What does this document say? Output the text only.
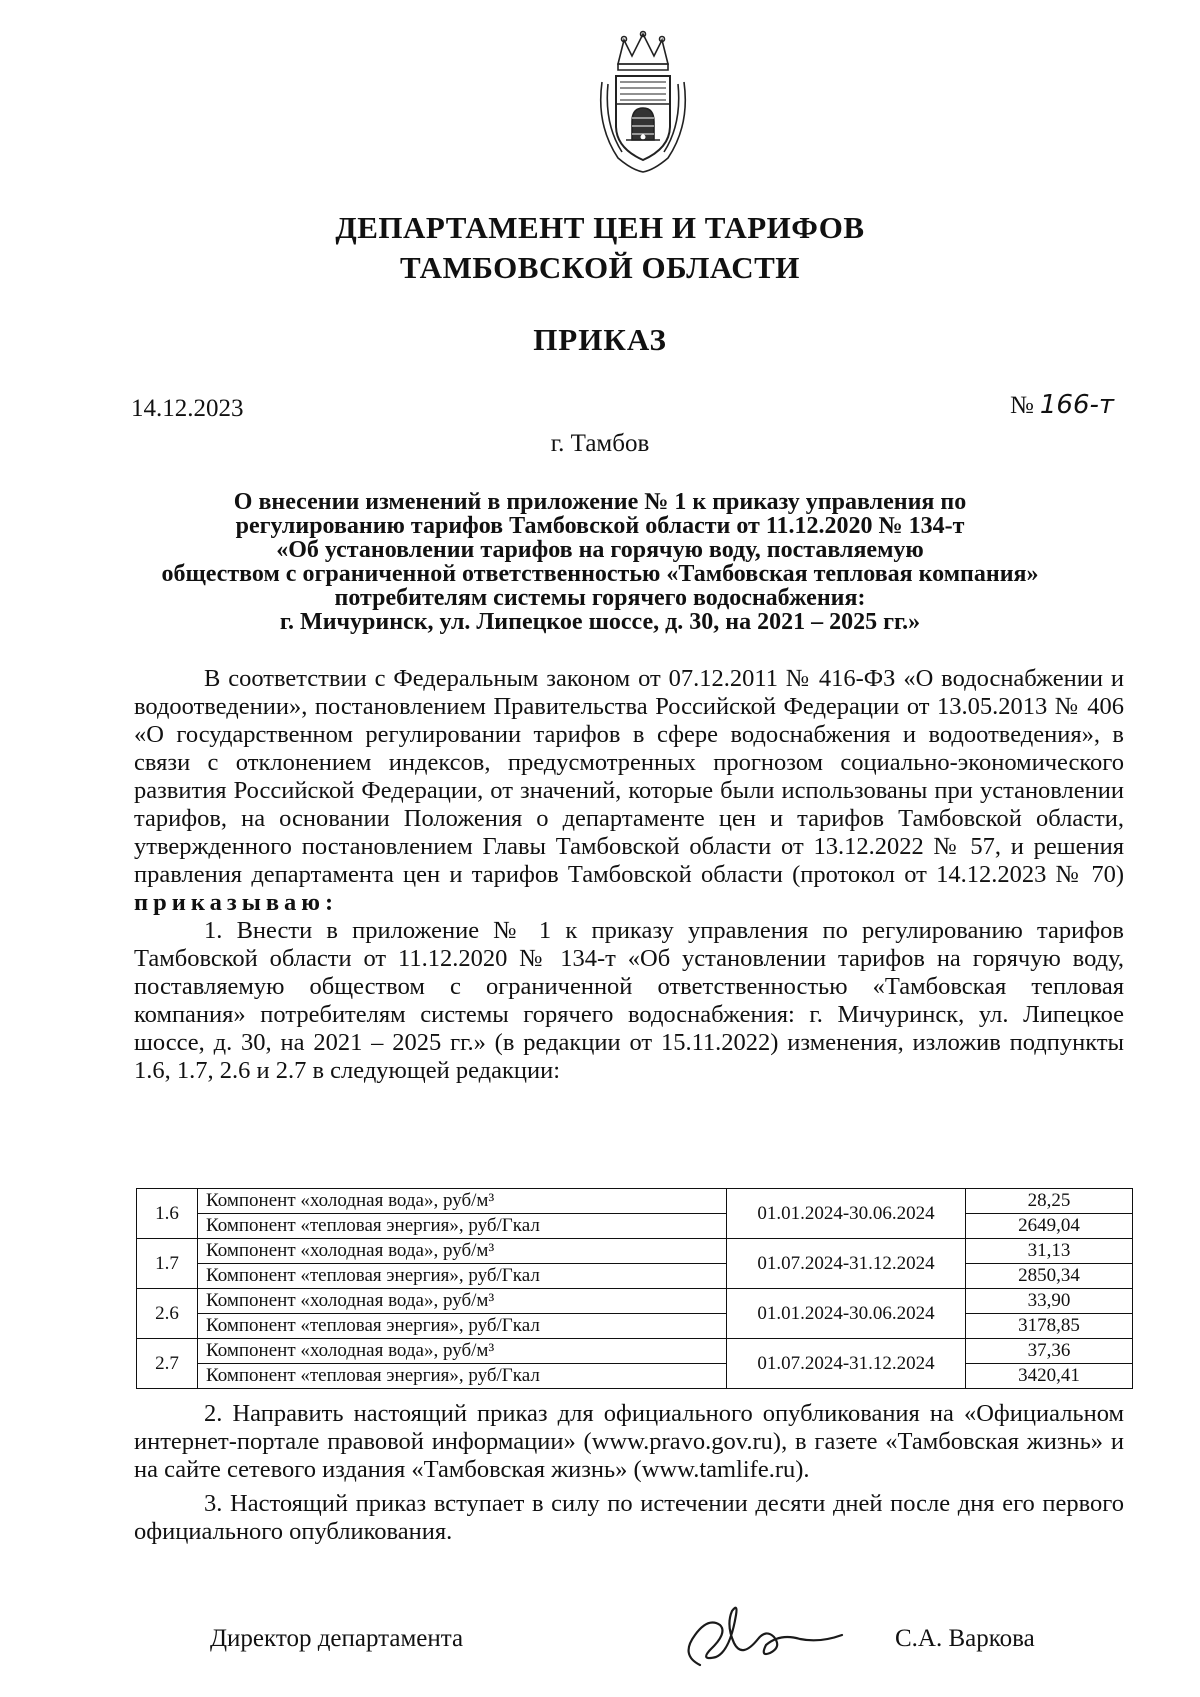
ДЕПАРТАМЕНТ ЦЕН И ТАРИФОВ
ТАМБОВСКОЙ ОБЛАСТИ
ПРИКАЗ
14.12.2023	№ 166-т
г. Тамбов
О внесении изменений в приложение № 1 к приказу управления по
регулированию тарифов Тамбовской области от 11.12.2020 № 134-т
«Об установлении тарифов на горячую воду, поставляемую
обществом с ограниченной ответственностью «Тамбовская тепловая компания»
потребителям системы горячего водоснабжения:
г. Мичуринск, ул. Липецкое шоссе, д. 30, на 2021 – 2025 гг.»

В соответствии с Федеральным законом от 07.12.2011 № 416-ФЗ «О водоснабжении и водоотведении», постановлением Правительства Российской Федерации от 13.05.2013 № 406 «О государственном регулировании тарифов в сфере водоснабжения и водоотведения», в связи с отклонением индексов, предусмотренных прогнозом социально-экономического развития Российской Федерации, от значений, которые были использованы при установлении тарифов, на основании Положения о департаменте цен и тарифов Тамбовской области, утвержденного постановлением Главы Тамбовской области от 13.12.2022 № 57, и решения правления департамента цен и тарифов Тамбовской области (протокол от 14.12.2023 № 70)

приказываю:

1. Внести в приложение № 1 к приказу управления по регулированию тарифов Тамбовской области от 11.12.2020 № 134-т «Об установлении тарифов на горячую воду, поставляемую обществом с ограниченной ответственностью «Тамбовская тепловая компания» потребителям системы горячего водоснабжения: г. Мичуринск, ул. Липецкое шоссе, д. 30, на 2021 – 2025 гг.» (в редакции от 15.11.2022) изменения, изложив подпункты 1.6, 1.7, 2.6 и 2.7 в следующей редакции:

1.6	Компонент «холодная вода», руб/м³	01.01.2024-30.06.2024	28,25
	Компонент «тепловая энергия», руб/Гкал		2649,04
1.7	Компонент «холодная вода», руб/м³	01.07.2024-31.12.2024	31,13
	Компонент «тепловая энергия», руб/Гкал		2850,34
2.6	Компонент «холодная вода», руб/м³	01.01.2024-30.06.2024	33,90
	Компонент «тепловая энергия», руб/Гкал		3178,85
2.7	Компонент «холодная вода», руб/м³	01.07.2024-31.12.2024	37,36
	Компонент «тепловая энергия», руб/Гкал		3420,41

2. Направить настоящий приказ для официального опубликования на «Официальном интернет-портале правовой информации» (www.pravo.gov.ru), в газете «Тамбовская жизнь» и на сайте сетевого издания «Тамбовская жизнь» (www.tamlife.ru).

3. Настоящий приказ вступает в силу по истечении десяти дней после дня его первого официального опубликования.

Директор департамента	С.А. Варкова
